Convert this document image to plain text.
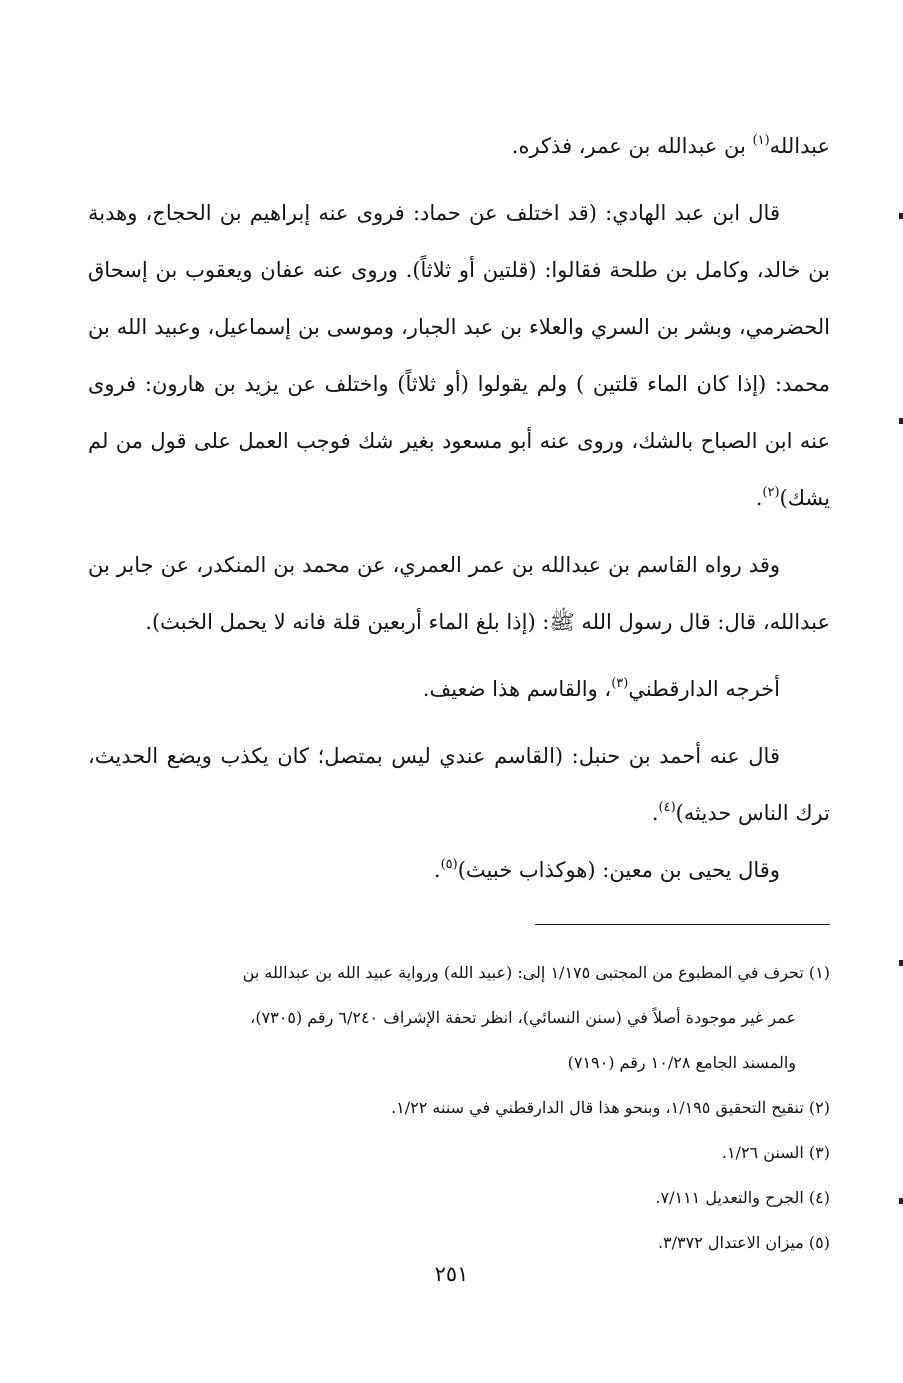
عبدالله$^{(١)}$ بن عبدالله بن عمر، فذكره.

قال ابن عبد الهادي: (قد اختلف عن حماد: فروى عنه إبراهيم بن الحجاج، وهدبة بن خالد، وكامل بن طلحة فقالوا: (قلتين أو ثلاثاً). وروى عنه عفان ويعقوب بن إسحاق الحضرمي، وبشر بن السري والعلاء بن عبد الجبار، وموسى بن إسماعيل، وعبيد الله بن محمد: (إذا كان الماء قلتين ) ولم يقولوا (أو ثلاثاً) واختلف عن يزيد بن هارون: فروى عنه ابن الصباح بالشك، وروى عنه أبو مسعود بغير شك فوجب العمل على قول من لم يشك)$^{(٢)}$.

وقد رواه القاسم بن عبدالله بن عمر العمري، عن محمد بن المنكدر، عن جابر بن عبدالله، قال: قال رسول الله ﷺ: (إذا بلغ الماء أربعين قلة فانه لا يحمل الخبث).

أخرجه الدارقطني$^{(٣)}$، والقاسم هذا ضعيف.

قال عنه أحمد بن حنبل: (القاسم عندي ليس بمتصل؛ كان يكذب ويضع الحديث، ترك الناس حديثه)$^{(٤)}$.

وقال يحيى بن معين: (هوكذاب خبيث)$^{(٥)}$.

(١) تحرف في المطبوع من المجتبى ١/١٧٥ إلى: (عبيد الله) ورواية عبيد الله بن عبدالله بن
عمر غير موجودة أصلاً في (سنن النسائي)، انظر تحفة الإشراف ٦/٢٤٠ رقم (٧٣٠٥)،
والمسند الجامع ١٠/٢٨ رقم (٧١٩٠)

(٢) تنقيح التحقيق ١/١٩٥، وبنحو هذا قال الدارقطني في سننه ١/٢٢.

(٣) السنن ١/٢٦.

(٤) الجرح والتعديل ٧/١١١.

(٥) ميزان الاعتدال ٣/٣٧٢.

٢٥١
